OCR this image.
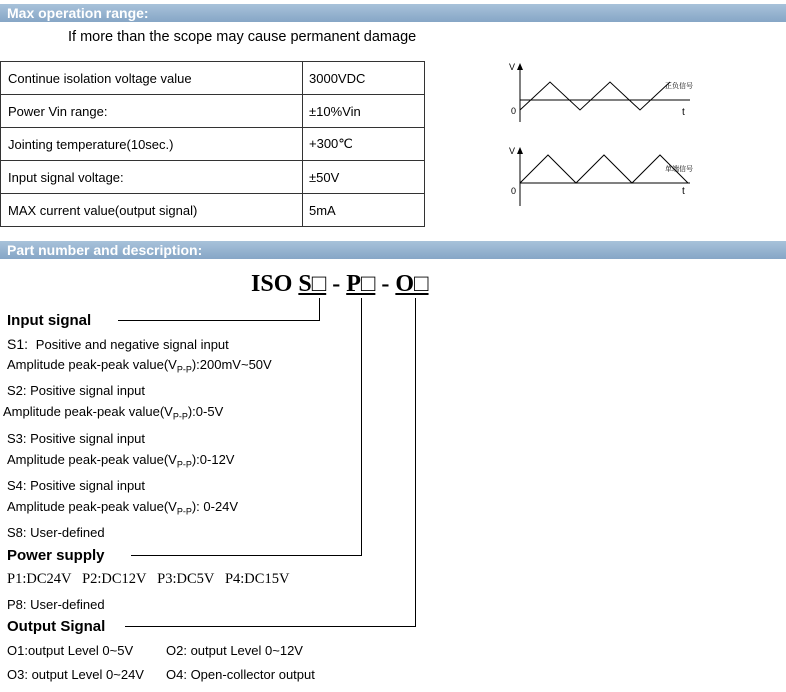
Max operation range:
If more than the scope may cause permanent damage
Continue isolation voltage value	3000VDC
Power Vin range:	±10%Vin
Jointing temperature(10sec.)	+300℃
Input signal voltage:	±50V
MAX current value(output signal)	5mA
V
0	t
正负信号
V
0	t
单端信号
Part number and description:
ISO S□ - P□ - O□
Input signal
S1: Positive and negative signal input
Amplitude peak-peak $value(V_{P-P}):200mV\sim 50V$
S2: Positive signal input
Amplitude peak-peak $value(V_{P-P}):0-5V$
S3: Positive signal input
Amplitude peak-peak $value(V_{P-P}):0-12V$
S4: Positive signal input
Amplitude peak-peak $value(V_{P-P})$: 0-24V
S8: User-defined
Power supply
P1:DC24V   P2:DC12V   P3:DC5V   P4:DC15V
P8: User-defined
Output Signal
O1:output Level 0~5V	O2: output Level 0~12V
O3: output Level 0~24V O4: Open-collector output
